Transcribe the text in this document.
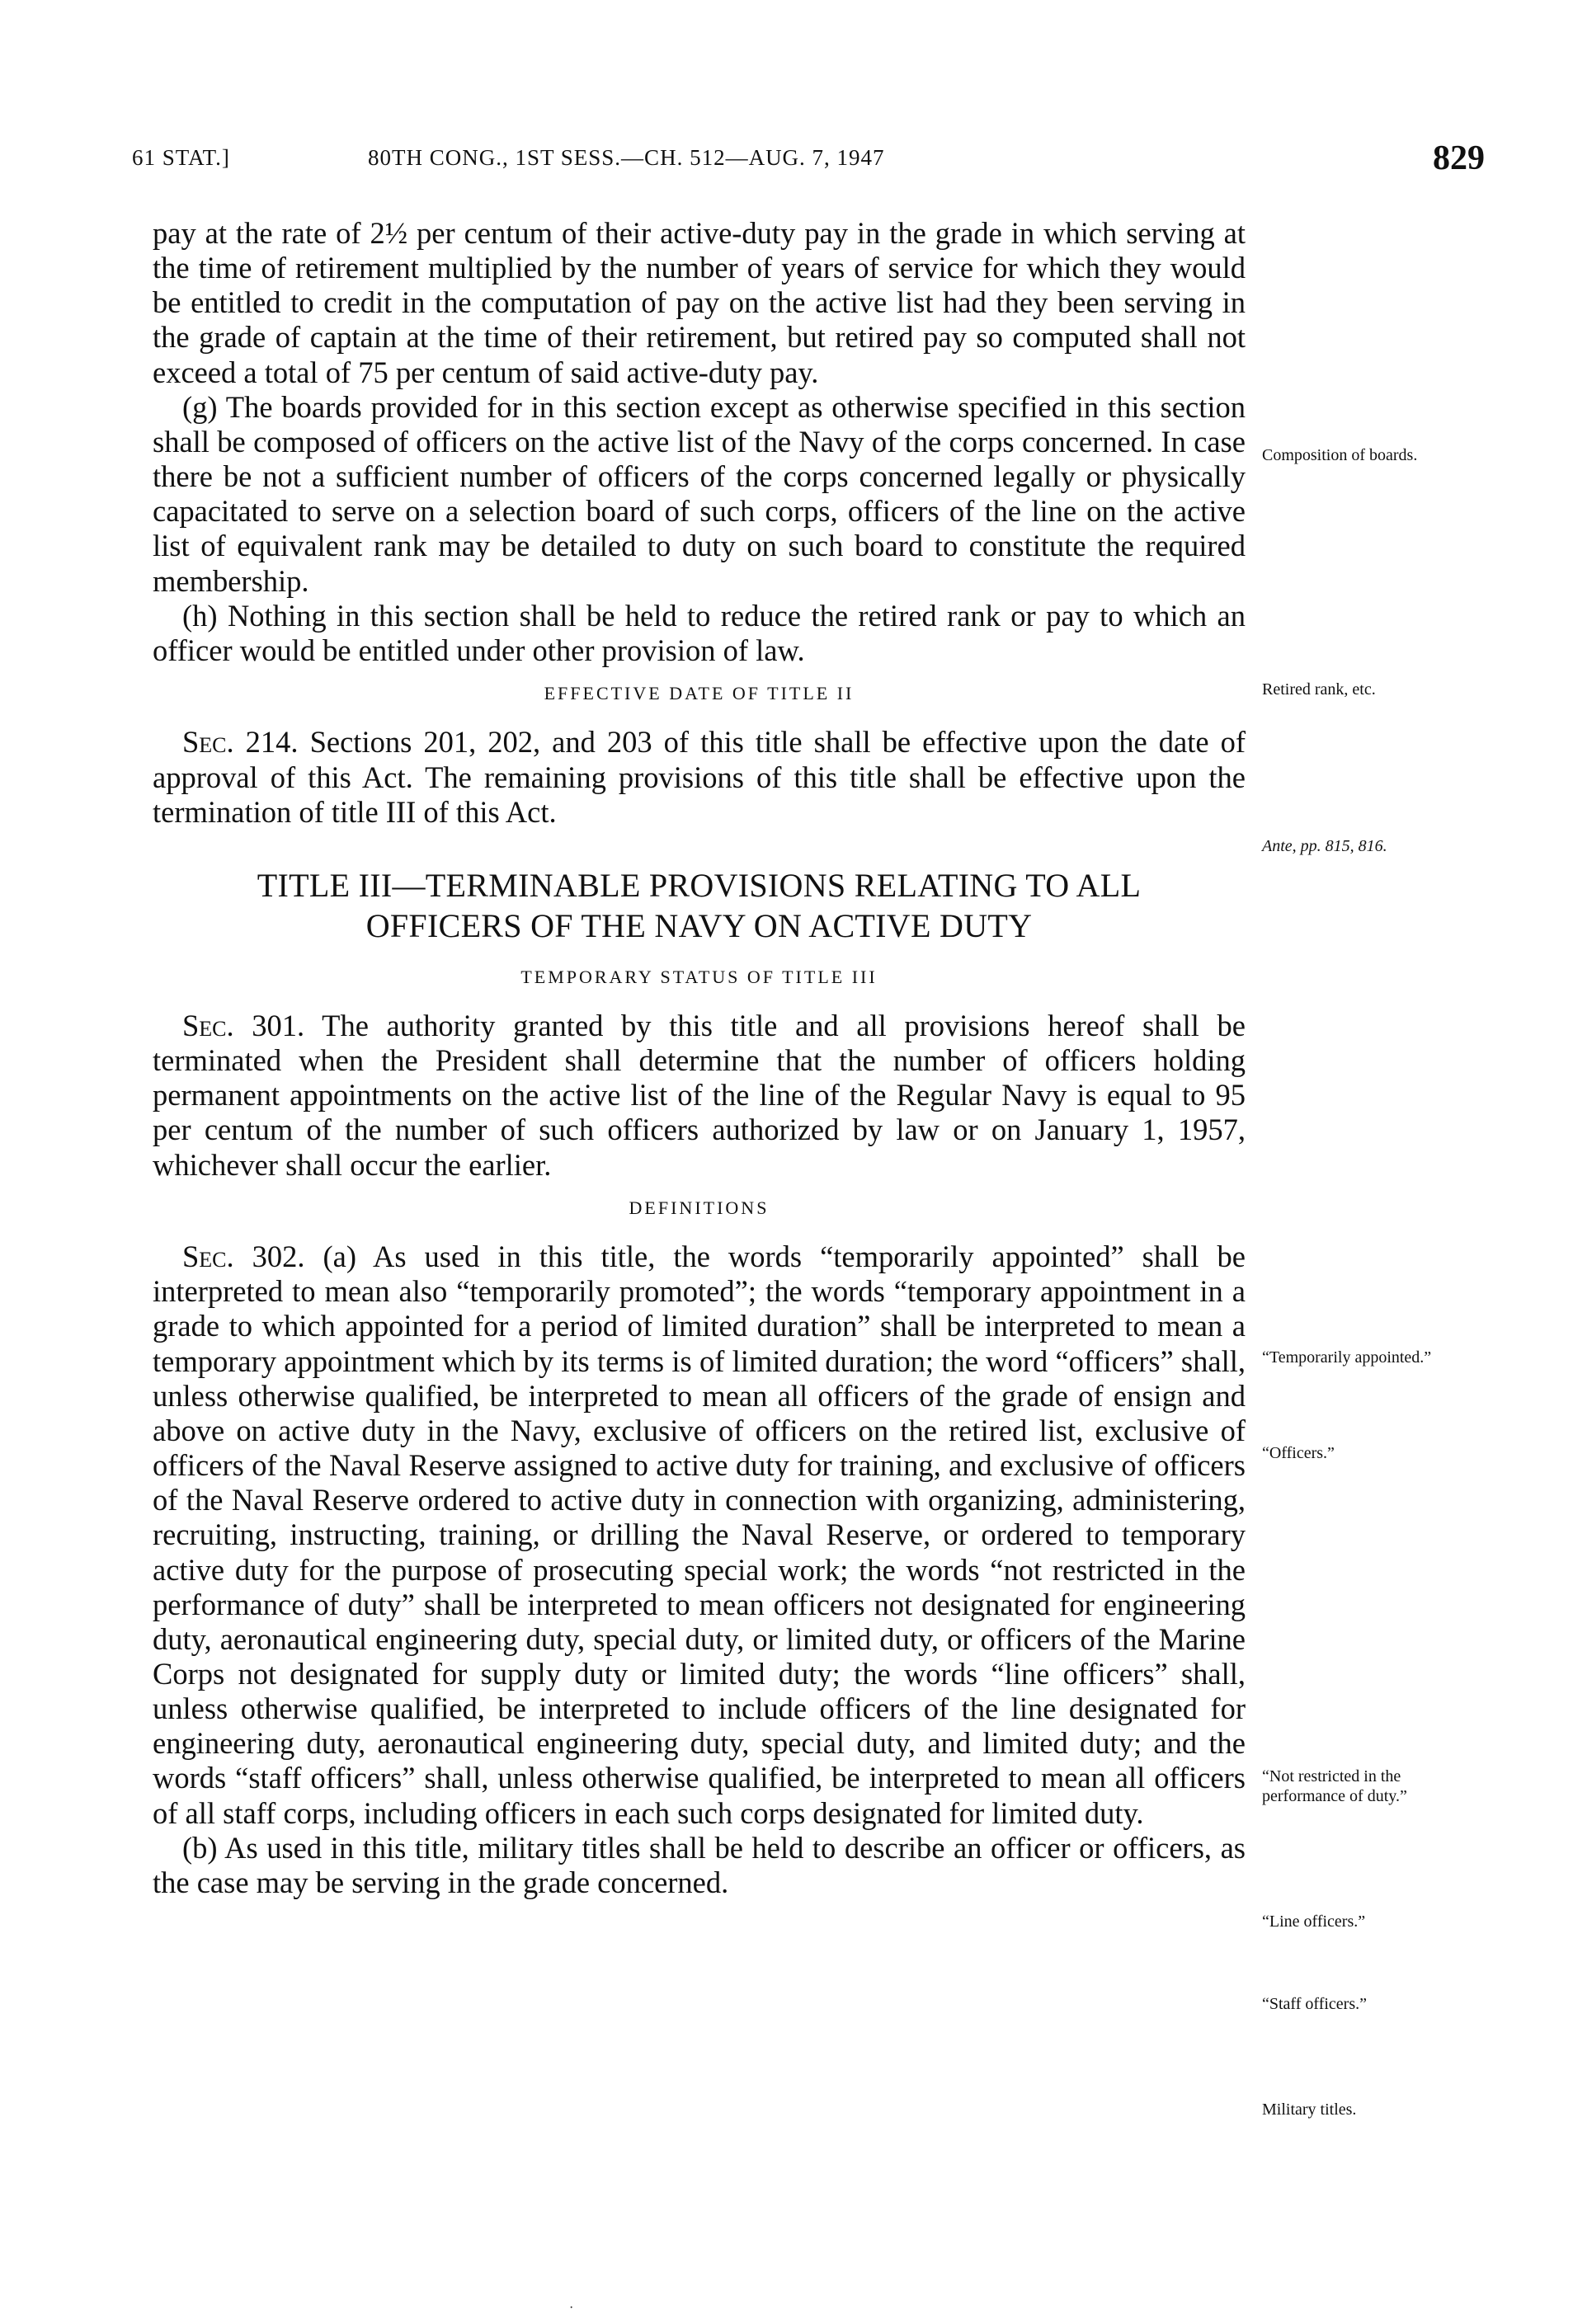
61 STAT.]	80TH CONG., 1ST SESS.—CH. 512—AUG. 7, 1947	829

pay at the rate of 2½ per centum of their active-duty pay in the grade in which serving at the time of retirement multiplied by the number of years of service for which they would be entitled to credit in the computation of pay on the active list had they been serving in the grade of captain at the time of their retirement, but retired pay so computed shall not exceed a total of 75 per centum of said active-duty pay.

(g) The boards provided for in this section except as otherwise specified in this section shall be composed of officers on the active list of the Navy of the corps concerned. In case there be not a sufficient number of officers of the corps concerned legally or physically capacitated to serve on a selection board of such corps, officers of the line on the active list of equivalent rank may be detailed to duty on such board to constitute the required membership.

(h) Nothing in this section shall be held to reduce the retired rank or pay to which an officer would be entitled under other provision of law.

EFFECTIVE DATE OF TITLE II

Sec. 214. Sections 201, 202, and 203 of this title shall be effective upon the date of approval of this Act. The remaining provisions of this title shall be effective upon the termination of title III of this Act.

TITLE III—TERMINABLE PROVISIONS RELATING TO ALL
OFFICERS OF THE NAVY ON ACTIVE DUTY
TEMPORARY STATUS OF TITLE III

Sec. 301. The authority granted by this title and all provisions hereof shall be terminated when the President shall determine that the number of officers holding permanent appointments on the active list of the line of the Regular Navy is equal to 95 per centum of the number of such officers authorized by law or on January 1, 1957, whichever shall occur the earlier.

DEFINITIONS

Sec. 302. (a) As used in this title, the words “temporarily appointed” shall be interpreted to mean also “temporarily promoted”; the words “temporary appointment in a grade to which appointed for a period of limited duration” shall be interpreted to mean a temporary appointment which by its terms is of limited duration; the word “officers” shall, unless otherwise qualified, be interpreted to mean all officers of the grade of ensign and above on active duty in the Navy, exclusive of officers on the retired list, exclusive of officers of the Naval Reserve assigned to active duty for training, and exclusive of officers of the Naval Reserve ordered to active duty in connection with organizing, administering, recruiting, instructing, training, or drilling the Naval Reserve, or ordered to temporary active duty for the purpose of prosecuting special work; the words “not restricted in the performance of duty” shall be interpreted to mean officers not designated for engineering duty, aeronautical engineering duty, special duty, or limited duty, or officers of the Marine Corps not designated for supply duty or limited duty; the words “line officers” shall, unless otherwise qualified, be interpreted to include officers of the line designated for engineering duty, aeronautical engineering duty, special duty, and limited duty; and the words “staff officers” shall, unless otherwise qualified, be interpreted to mean all officers of all staff corps, including officers in each such corps designated for limited duty.

(b) As used in this title, military titles shall be held to describe an officer or officers, as the case may be serving in the grade concerned.

Composition of boards.
Retired rank, etc.
Ante, pp. 815, 816.
“Temporarily appointed.”
“Officers.”
“Not restricted in the performance of duty.”
“Line officers.”
“Staff officers.”
Military titles.
·
